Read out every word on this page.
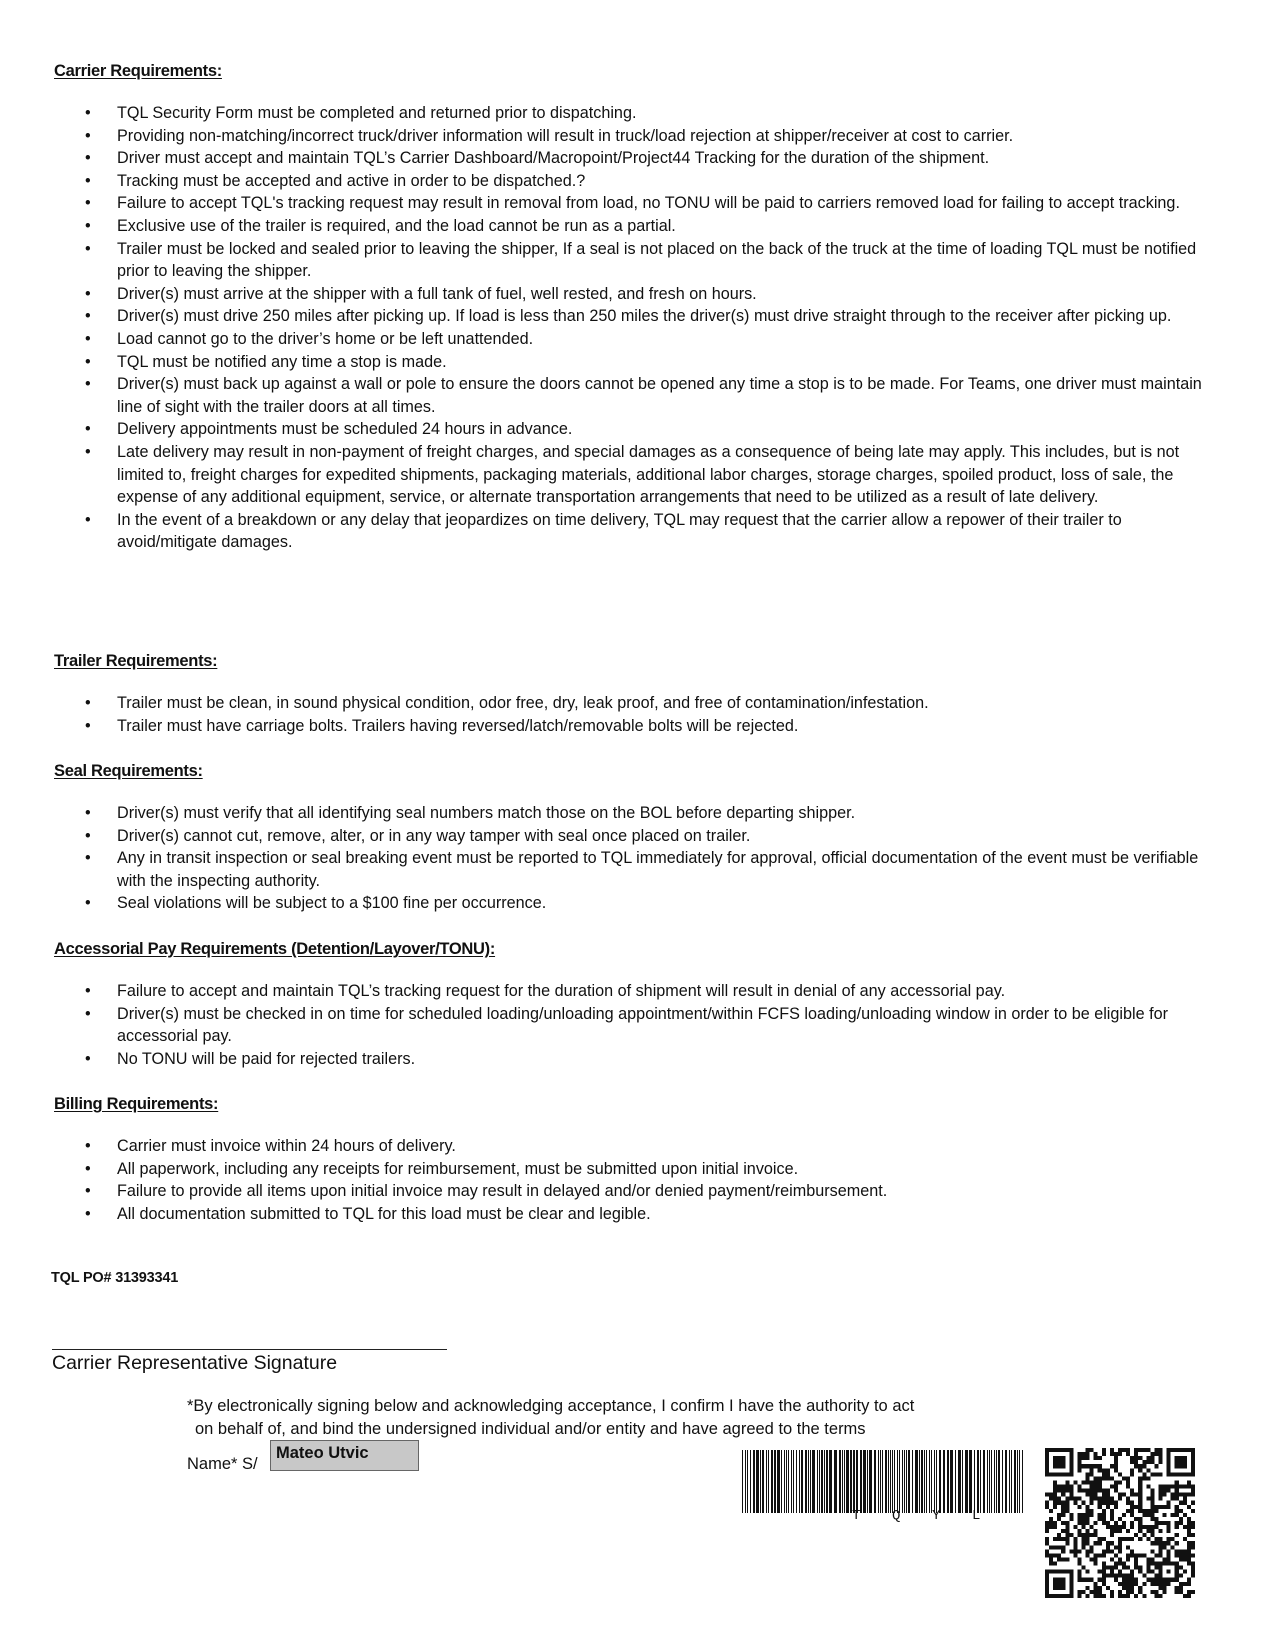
Carrier Requirements:
• TQL Security Form must be completed and returned prior to dispatching.
• Providing non-matching/incorrect truck/driver information will result in truck/load rejection at shipper/receiver at cost to carrier.
• Driver must accept and maintain TQL’s Carrier Dashboard/Macropoint/Project44 Tracking for the duration of the shipment.
• Tracking must be accepted and active in order to be dispatched.?
• Failure to accept TQL's tracking request may result in removal from load, no TONU will be paid to carriers removed load for failing to accept tracking.
• Exclusive use of the trailer is required, and the load cannot be run as a partial.
• Trailer must be locked and sealed prior to leaving the shipper, If a seal is not placed on the back of the truck at the time of loading TQL must be notified prior to leaving the shipper.
• Driver(s) must arrive at the shipper with a full tank of fuel, well rested, and fresh on hours.
• Driver(s) must drive 250 miles after picking up. If load is less than 250 miles the driver(s) must drive straight through to the receiver after picking up.
• Load cannot go to the driver’s home or be left unattended.
• TQL must be notified any time a stop is made.
• Driver(s) must back up against a wall or pole to ensure the doors cannot be opened any time a stop is to be made. For Teams, one driver must maintain line of sight with the trailer doors at all times.
• Delivery appointments must be scheduled 24 hours in advance.
• Late delivery may result in non-payment of freight charges, and special damages as a consequence of being late may apply. This includes, but is not limited to, freight charges for expedited shipments, packaging materials, additional labor charges, storage charges, spoiled product, loss of sale, the expense of any additional equipment, service, or alternate transportation arrangements that need to be utilized as a result of late delivery.
• In the event of a breakdown or any delay that jeopardizes on time delivery, TQL may request that the carrier allow a repower of their trailer to avoid/mitigate damages.
Trailer Requirements:
• Trailer must be clean, in sound physical condition, odor free, dry, leak proof, and free of contamination/infestation.
• Trailer must have carriage bolts. Trailers having reversed/latch/removable bolts will be rejected.
Seal Requirements:
• Driver(s) must verify that all identifying seal numbers match those on the BOL before departing shipper.
• Driver(s) cannot cut, remove, alter, or in any way tamper with seal once placed on trailer.
• Any in transit inspection or seal breaking event must be reported to TQL immediately for approval, official documentation of the event must be verifiable with the inspecting authority.
• Seal violations will be subject to a $100 fine per occurrence.
Accessorial Pay Requirements (Detention/Layover/TONU):
• Failure to accept and maintain TQL’s tracking request for the duration of shipment will result in denial of any accessorial pay.
• Driver(s) must be checked in on time for scheduled loading/unloading appointment/within FCFS loading/unloading window in order to be eligible for accessorial pay.
• No TONU will be paid for rejected trailers.
Billing Requirements:
• Carrier must invoice within 24 hours of delivery.
• All paperwork, including any receipts for reimbursement, must be submitted upon initial invoice.
• Failure to provide all items upon initial invoice may result in delayed and/or denied payment/reimbursement.
• All documentation submitted to TQL for this load must be clear and legible.
TQL PO# 31393341
Carrier Representative Signature
*By electronically signing below and acknowledging acceptance, I confirm I have the authority to act
on behalf of, and bind the undersigned individual and/or entity and have agreed to the terms
Name* S/
Mateo Utvic
T Q Y L
